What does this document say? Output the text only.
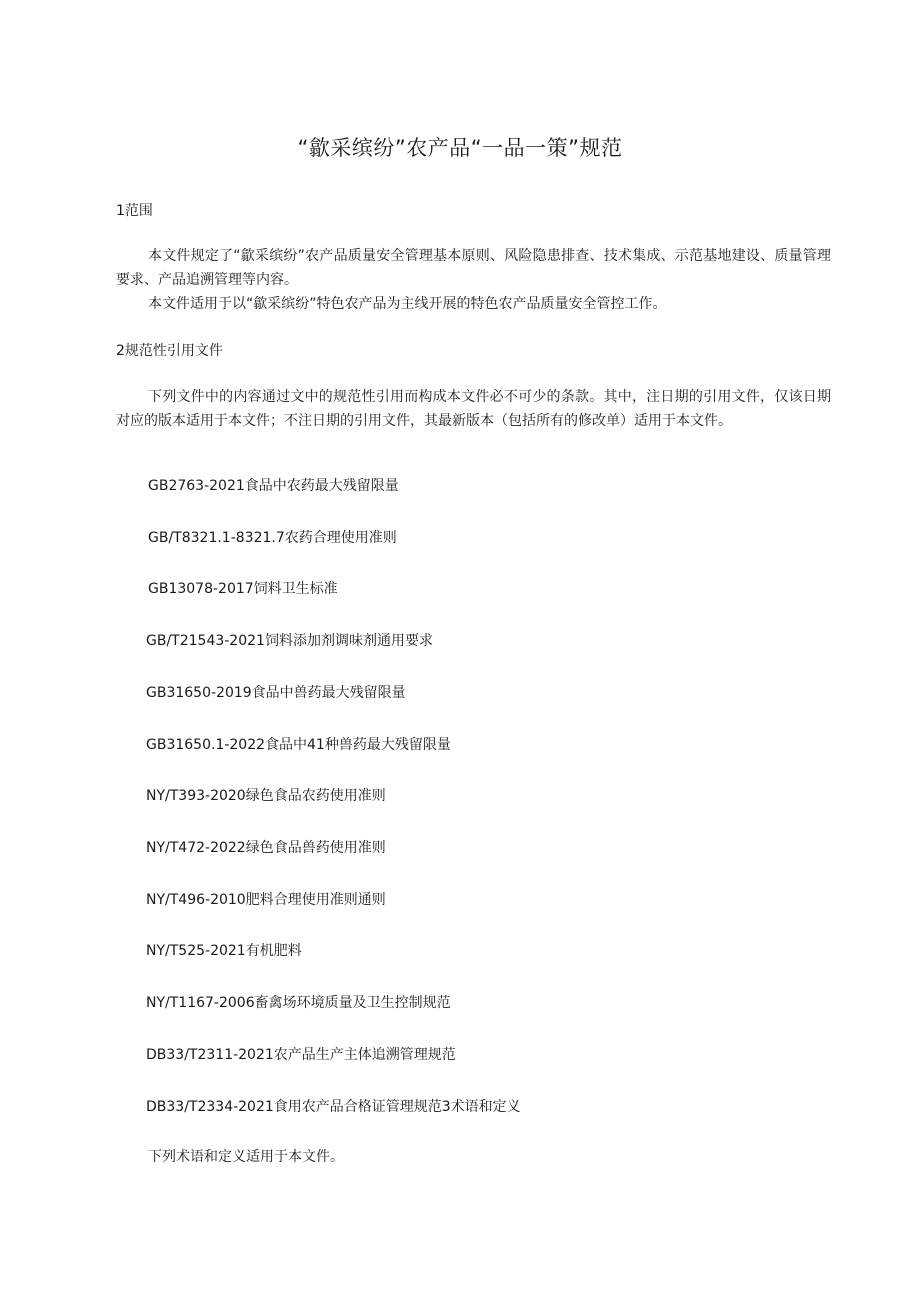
“歙采缤纷”农产品“一品一策”规范
1范围

本文件规定了“歙采缤纷”农产品质量安全管理基本原则、风险隐患排查、技术集成、示范基地建设、质量管理要求、产品追溯管理等内容。

本文件适用于以“歙采缤纷”特色农产品为主线开展的特色农产品质量安全管控工作。

2规范性引用文件

下列文件中的内容通过文中的规范性引用而构成本文件必不可少的条款。其中，注日期的引用文件，仅该日期对应的版本适用于本文件；不注日期的引用文件，其最新版本（包括所有的修改单）适用于本文件。

GB2763-2021食品中农药最大残留限量
GB/T8321.1-8321.7农药合理使用准则
GB13078-2017饲料卫生标准
GB/T21543-2021饲料添加剂调味剂通用要求
GB31650-2019食品中兽药最大残留限量
GB31650.1-2022食品中41种兽药最大残留限量
NY/T393-2020绿色食品农药使用准则
NY/T472-2022绿色食品兽药使用准则
NY/T496-2010肥料合理使用准则通则
NY/T525-2021有机肥料
NY/T1167-2006畜禽场环境质量及卫生控制规范
DB33/T2311-2021农产品生产主体追溯管理规范
DB33/T2334-2021食用农产品合格证管理规范3术语和定义
下列术语和定义适用于本文件。
